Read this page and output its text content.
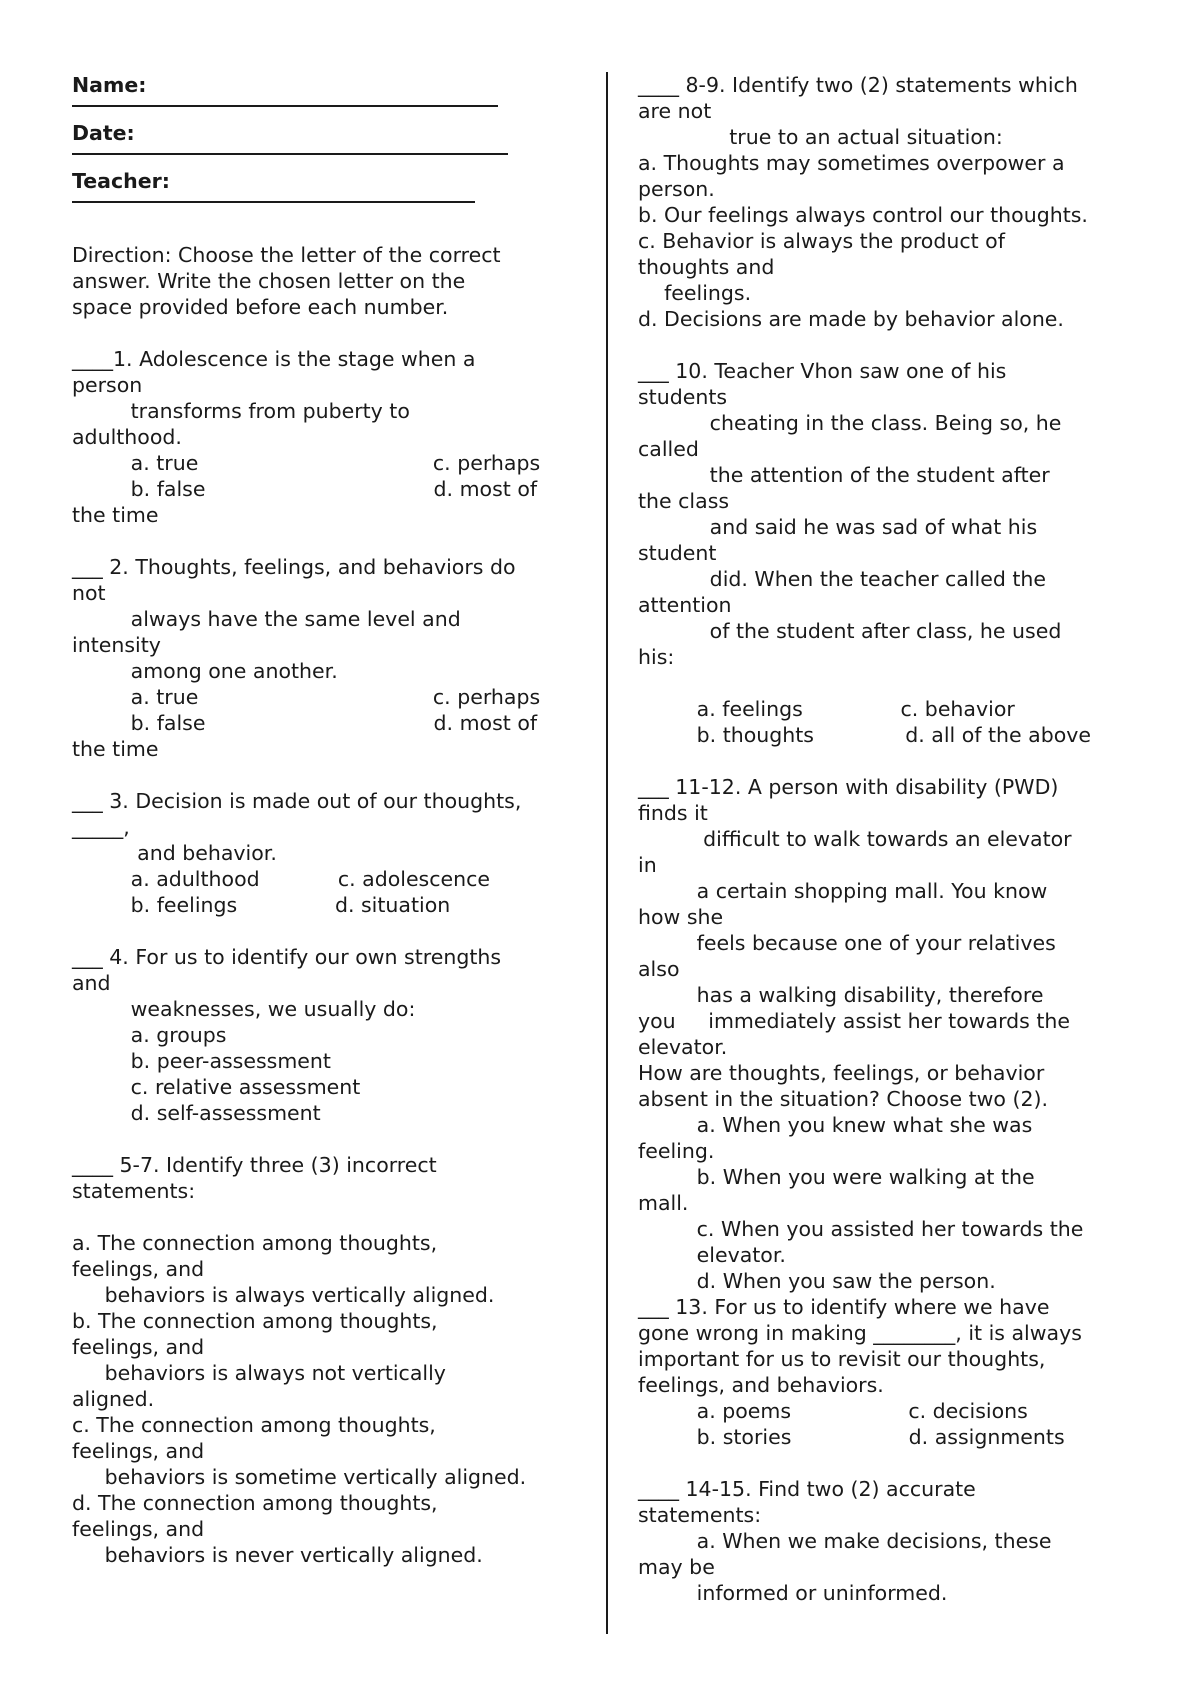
Name:
Date:
Teacher:
Direction: Choose the letter of the correct
answer. Write the chosen letter on the
space provided before each number.
____1. Adolescence is the stage when a
person
transforms from puberty to
adulthood.
a. true                                    c. perhaps
b. false                                   d. most of
the time
___ 2. Thoughts, feelings, and behaviors do
not
always have the same level and
intensity
among one another.
a. true                                    c. perhaps
b. false                                   d. most of
the time
___ 3. Decision is made out of our thoughts,
_____,
and behavior.
a. adulthood            c. adolescence
b. feelings               d. situation
___ 4. For us to identify our own strengths
and
weaknesses, we usually do:
a. groups
b. peer-assessment
c. relative assessment
d. self-assessment
____ 5-7. Identify three (3) incorrect
statements:
a. The connection among thoughts,
feelings, and
behaviors is always vertically aligned.
b. The connection among thoughts,
feelings, and
behaviors is always not vertically
aligned.
c. The connection among thoughts,
feelings, and
behaviors is sometime vertically aligned.
d. The connection among thoughts,
feelings, and
behaviors is never vertically aligned.
____ 8-9. Identify two (2) statements which
are not
true to an actual situation:
a. Thoughts may sometimes overpower a
person.
b. Our feelings always control our thoughts.
c. Behavior is always the product of
thoughts and
feelings.
d. Decisions are made by behavior alone.
___ 10. Teacher Vhon saw one of his
students
cheating in the class. Being so, he
called
the attention of the student after
the class
and said he was sad of what his
student
did. When the teacher called the
attention
of the student after class, he used
his:
a. feelings               c. behavior
b. thoughts              d. all of the above
___ 11-12. A person with disability (PWD)
finds it
difficult to walk towards an elevator
in
a certain shopping mall. You know
how she
feels because one of your relatives
also
has a walking disability, therefore
you     immediately assist her towards the
elevator.
How are thoughts, feelings, or behavior
absent in the situation? Choose two (2).
a. When you knew what she was
feeling.
b. When you were walking at the
mall.
c. When you assisted her towards the
elevator.
d. When you saw the person.
___ 13. For us to identify where we have
gone wrong in making ________, it is always
important for us to revisit our thoughts,
feelings, and behaviors.
a. poems                  c. decisions
b. stories                  d. assignments
____ 14-15. Find two (2) accurate
statements:
a. When we make decisions, these
may be
informed or uninformed.
